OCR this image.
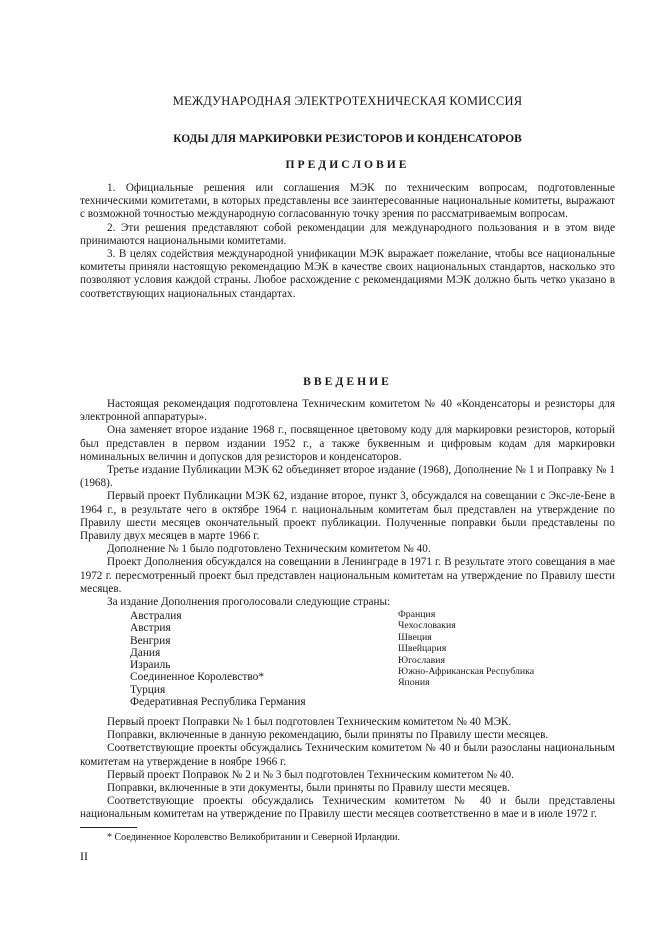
МЕЖДУНАРОДНАЯ ЭЛЕКТРОТЕХНИЧЕСКАЯ КОМИССИЯ
КОДЫ ДЛЯ МАРКИРОВКИ РЕЗИСТОРОВ И КОНДЕНСАТОРОВ
ПРЕДИСЛОВИЕ

1. Официальные решения или соглашения МЭК по техническим вопросам, подготовленные техническими комитетами, в которых представлены все заинтересованные национальные комитеты, выражают с возможной точностью международную согласованную точку зрения по рассматриваемым вопросам.

2. Эти решения представляют собой рекомендации для международного пользования и в этом виде принимаются национальными комитетами.

3. В целях содействия международной унификации МЭК выражает пожелание, чтобы все национальные комитеты приняли настоящую рекомендацию МЭК в качестве своих национальных стандартов, насколько это позволяют условия каждой страны. Любое расхождение с рекомендациями МЭК должно быть четко указано в соответствующих национальных стандартах.

ВВЕДЕНИЕ

Настоящая рекомендация подготовлена Техническим комитетом № 40 «Конденсаторы и резисторы для электронной аппаратуры».

Она заменяет второе издание 1968 г., посвященное цветовому коду для маркировки резисторов, который был представлен в первом издании 1952 г., а также буквенным и цифровым кодам для маркировки номинальных величин и допусков для резисторов и конденсаторов.

Третье издание Публикации МЭК 62 объединяет второе издание (1968), Дополнение № 1 и Поправку № 1 (1968).

Первый проект Публикации МЭК 62, издание второе, пункт 3, обсуждался на совещании с Экс-ле-Бене в 1964 г., в результате чего в октябре 1964 г. национальным комитетам был представлен на утверждение по Правилу шести месяцев окончательный проект публикации. Полученные поправки были представлены по Правилу двух месяцев в марте 1966 г.

Дополнение № 1 было подготовлено Техническим комитетом № 40.

Проект Дополнения обсуждался на совещании в Ленинграде в 1971 г. В результате этого совещания в мае 1972 г. пересмотренный проект был представлен национальным комитетам на утверждение по Правилу шести месяцев.

За издание Дополнения проголосовали следующие страны:

Австралия
Австрия
Венгрия
Дания
Израиль
Соединенное Королевство*
Турция
Федеративная Республика Германия
Франция
Чехословакия
Швеция
Швейцария
Югославия
Южно-Африканская Республика
Япония

Первый проект Поправки № 1 был подготовлен Техническим комитетом № 40 МЭК.

Поправки, включенные в данную рекомендацию, были приняты по Правилу шести месяцев.

Соответствующие проекты обсуждались Техническим комитетом № 40 и были разосланы национальным комитетам на утверждение в ноябре 1966 г.

Первый проект Поправок № 2 и № 3 был подготовлен Техническим комитетом № 40.

Поправки, включенные в эти документы, были приняты по Правилу шести месяцев.

Соответствующие проекты обсуждались Техническим комитетом № 40 и были представлены национальным комитетам на утверждение по Правилу шести месяцев соответственно в мае и в июле 1972 г.

* Соединенное Королевство Великобритании и Северной Ирландии.
II
